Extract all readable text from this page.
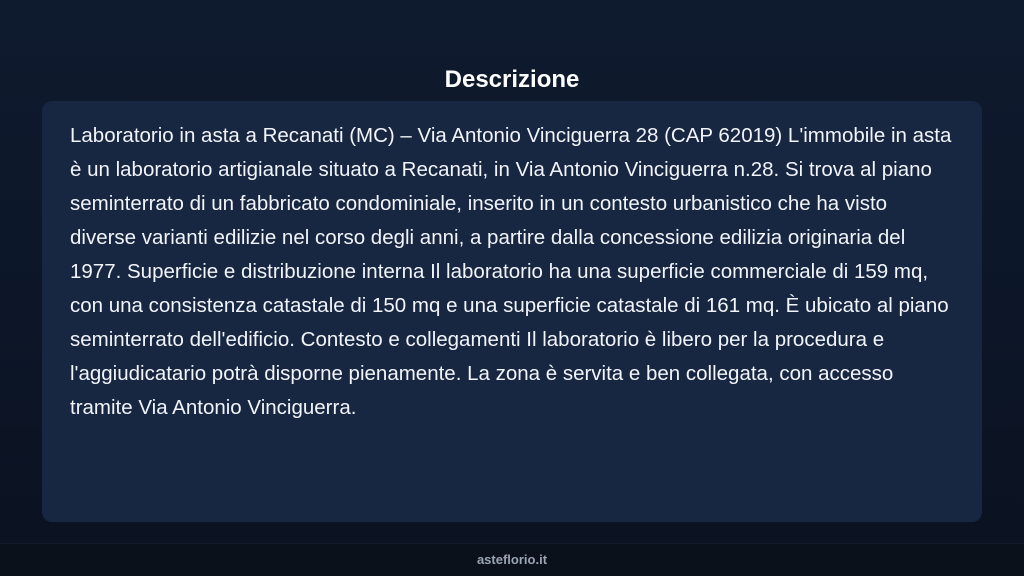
Descrizione

Laboratorio in asta a Recanati (MC) – Via Antonio Vinciguerra 28 (CAP 62019) L'immobile in asta è un laboratorio artigianale situato a Recanati, in Via Antonio Vinciguerra n.28. Si trova al piano seminterrato di un fabbricato condominiale, inserito in un contesto urbanistico che ha visto diverse varianti edilizie nel corso degli anni, a partire dalla concessione edilizia originaria del 1977. Superficie e distribuzione interna Il laboratorio ha una superficie commerciale di 159 mq, con una consistenza catastale di 150 mq e una superficie catastale di 161 mq. È ubicato al piano seminterrato dell'edificio. Contesto e collegamenti Il laboratorio è libero per la procedura e l'aggiudicatario potrà disporne pienamente. La zona è servita e ben collegata, con accesso tramite Via Antonio Vinciguerra.

asteflorio.it
